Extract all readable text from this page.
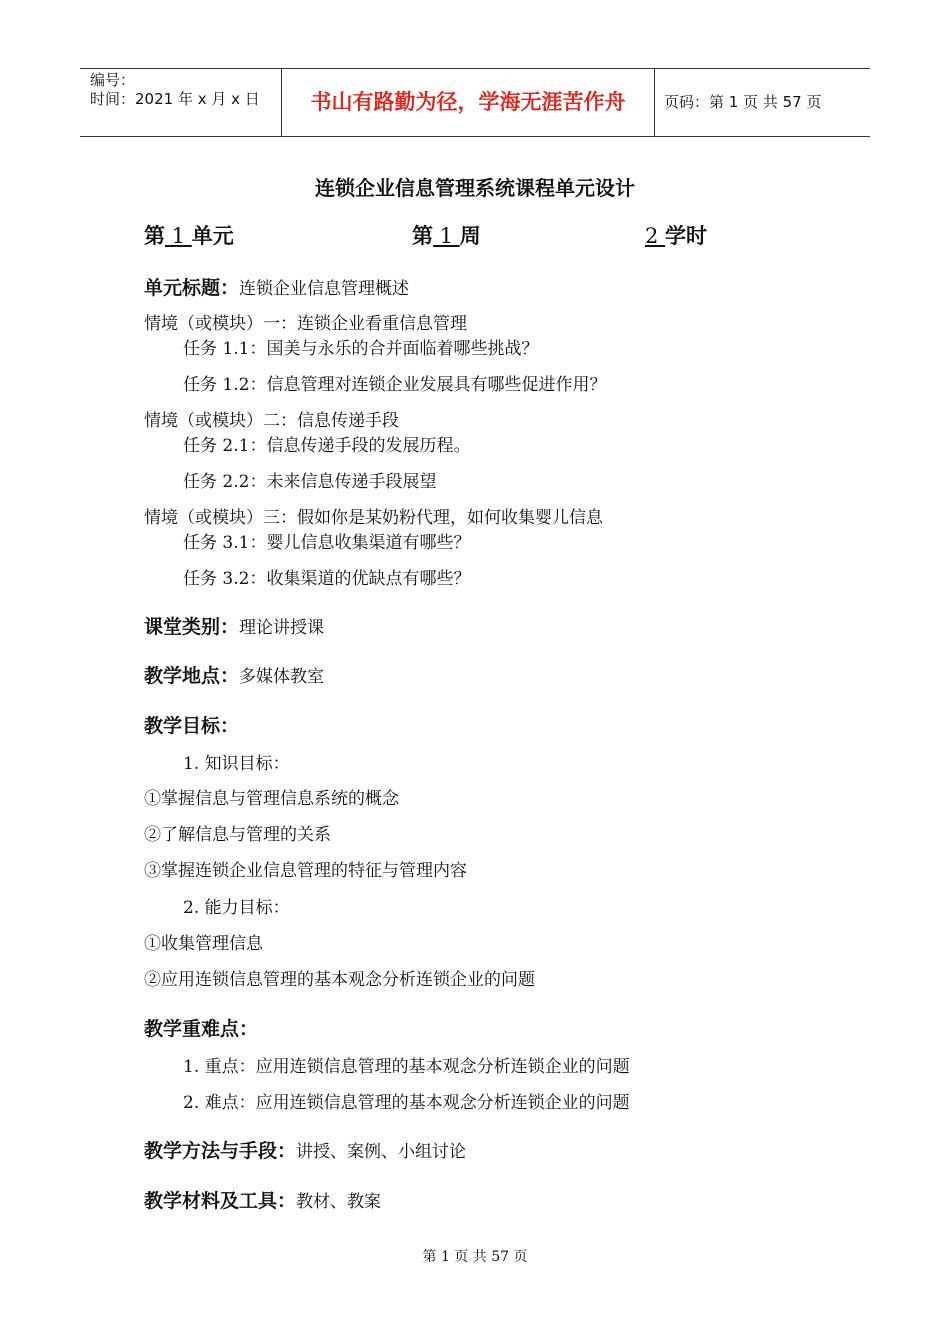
编号：
时间：2021 年 x 月 x 日	书山有路勤为径，学海无涯苦作舟	页码：第 1 页 共 57 页
连锁企业信息管理系统课程单元设计
第 1 单元	第 1 周	2 学时
单元标题：连锁企业信息管理概述
情境（或模块）一：连锁企业看重信息管理
任务 1.1：国美与永乐的合并面临着哪些挑战？
任务 1.2：信息管理对连锁企业发展具有哪些促进作用？
情境（或模块）二：信息传递手段
任务 2.1：信息传递手段的发展历程。
任务 2.2：未来信息传递手段展望
情境（或模块）三：假如你是某奶粉代理，如何收集婴儿信息
任务 3.1：婴儿信息收集渠道有哪些？
任务 3.2：收集渠道的优缺点有哪些？
课堂类别：理论讲授课
教学地点：多媒体教室
教学目标：
1. 知识目标：
①掌握信息与管理信息系统的概念
②了解信息与管理的关系
③掌握连锁企业信息管理的特征与管理内容
2. 能力目标：
①收集管理信息
②应用连锁信息管理的基本观念分析连锁企业的问题
教学重难点：
1. 重点：应用连锁信息管理的基本观念分析连锁企业的问题
2. 难点：应用连锁信息管理的基本观念分析连锁企业的问题
教学方法与手段：讲授、案例、小组讨论
教学材料及工具：教材、教案
第 1 页 共 57 页
